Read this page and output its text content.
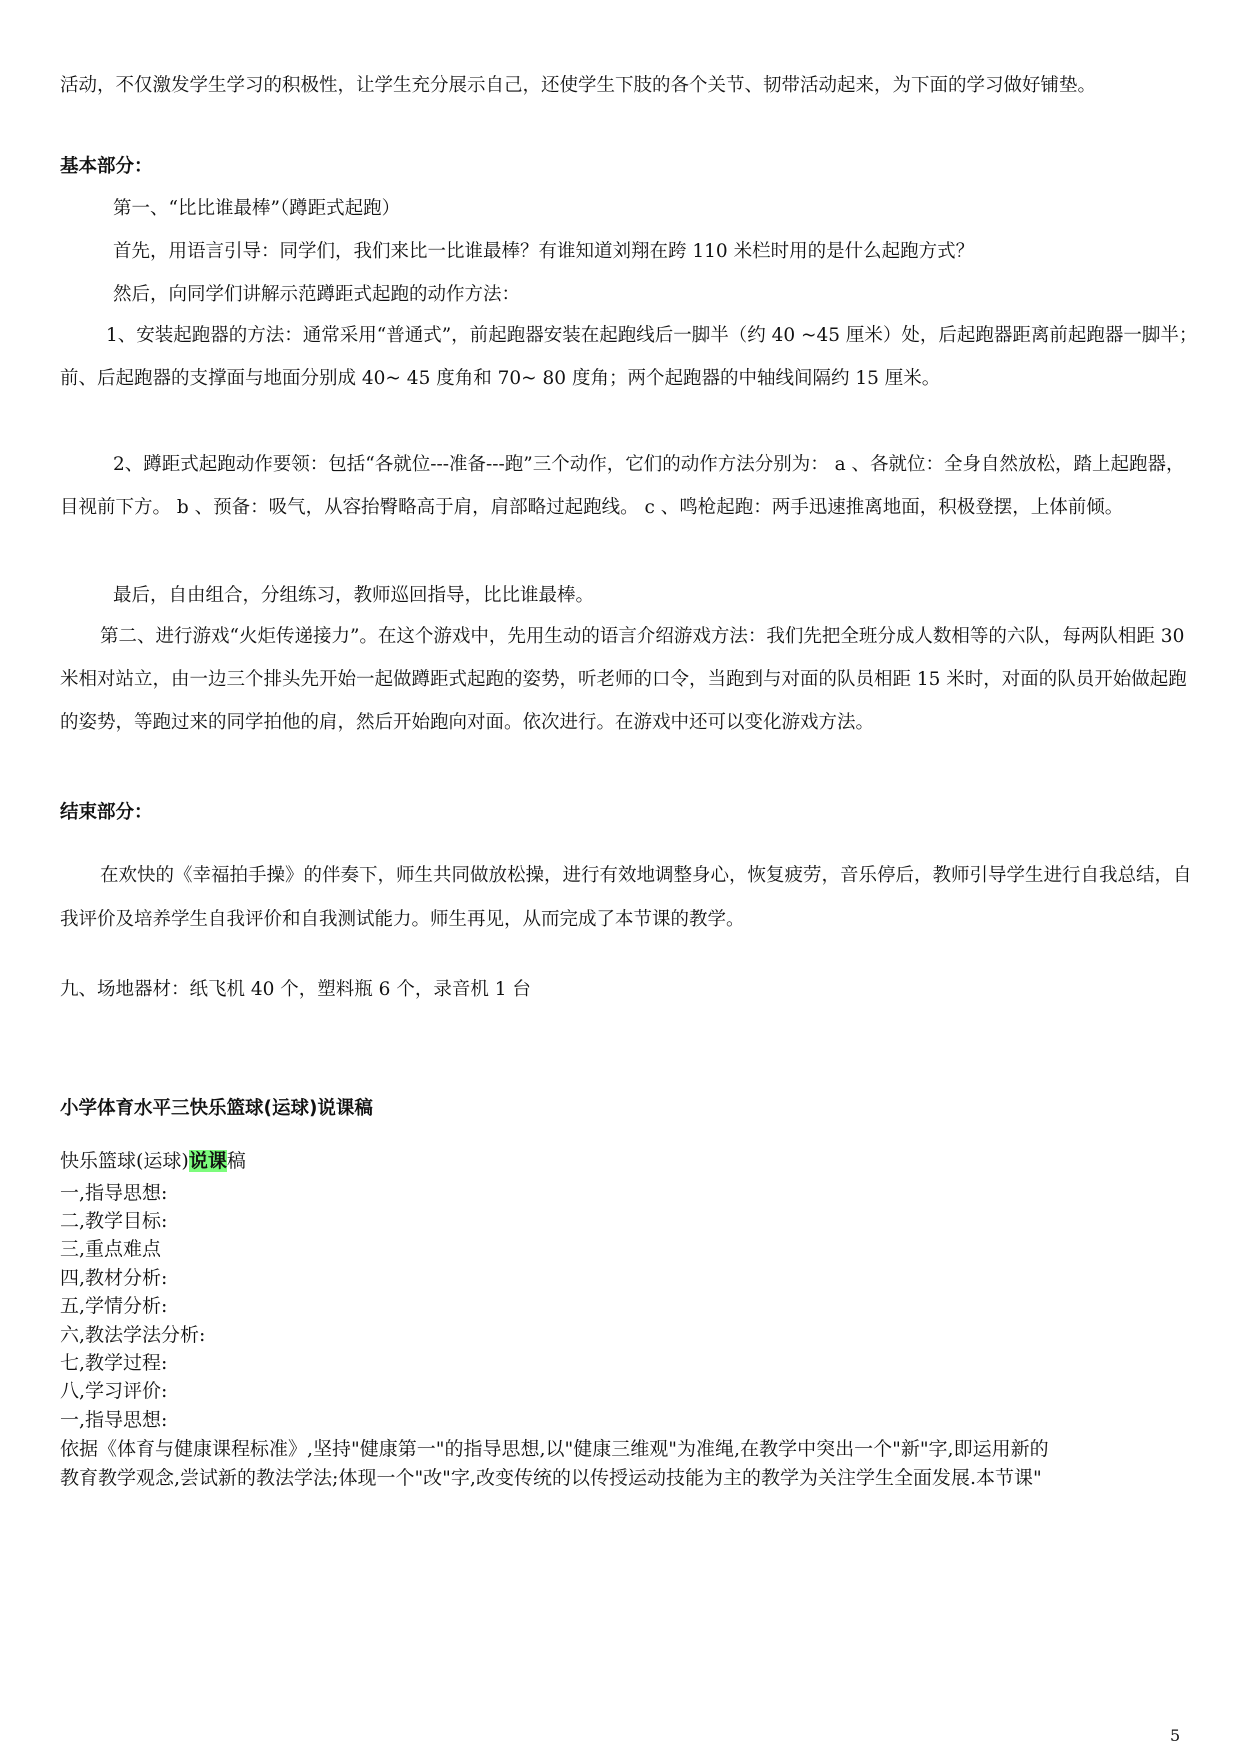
活动，不仅激发学生学习的积极性，让学生充分展示自己，还使学生下肢的各个关节、韧带活动起来，为下面的学习做好铺垫。

基本部分：

第一、“比比谁最棒”（蹲距式起跑）

首先，用语言引导：同学们，我们来比一比谁最棒？有谁知道刘翔在跨 110 米栏时用的是什么起跑方式？

然后，向同学们讲解示范蹲距式起跑的动作方法：

1、安装起跑器的方法：通常采用“普通式”，前起跑器安装在起跑线后一脚半（约 40 ~45 厘米）处，后起跑器距离前起跑器一脚半；前、后起跑器的支撑面与地面分别成 40~ 45 度角和 70~ 80 度角；两个起跑器的中轴线间隔约 15 厘米。

2、蹲距式起跑动作要领：包括“各就位---准备---跑”三个动作，它们的动作方法分别为： a 、各就位：全身自然放松，踏上起跑器，目视前下方。 b 、预备：吸气，从容抬臀略高于肩，肩部略过起跑线。 c 、鸣枪起跑：两手迅速推离地面，积极登摆，上体前倾。

最后，自由组合，分组练习，教师巡回指导，比比谁最棒。

第二、进行游戏“火炬传递接力”。在这个游戏中，先用生动的语言介绍游戏方法：我们先把全班分成人数相等的六队，每两队相距 30 米相对站立，由一边三个排头先开始一起做蹲距式起跑的姿势，听老师的口令，当跑到与对面的队员相距 15 米时，对面的队员开始做起跑的姿势，等跑过来的同学拍他的肩，然后开始跑向对面。依次进行。在游戏中还可以变化游戏方法。

结束部分：

在欢快的《幸福拍手操》的伴奏下，师生共同做放松操，进行有效地调整身心，恢复疲劳，音乐停后，教师引导学生进行自我总结，自我评价及培养学生自我评价和自我测试能力。师生再见，从而完成了本节课的教学。

九、场地器材：纸飞机 40 个，塑料瓶 6 个，录音机 1 台

小学体育水平三快乐篮球(运球)说课稿

快乐篮球(运球)说课稿

一,指导思想:

二,教学目标:

三,重点难点

四,教材分析:

五,学情分析:

六,教法学法分析:

七,教学过程:

八,学习评价:

一,指导思想:

依据《体育与健康课程标准》,坚持"健康第一"的指导思想,以"健康三维观"为准绳,在教学中突出一个"新"字,即运用新的

教育教学观念,尝试新的教法学法;体现一个"改"字,改变传统的以传授运动技能为主的教学为关注学生全面发展.本节课"

5
